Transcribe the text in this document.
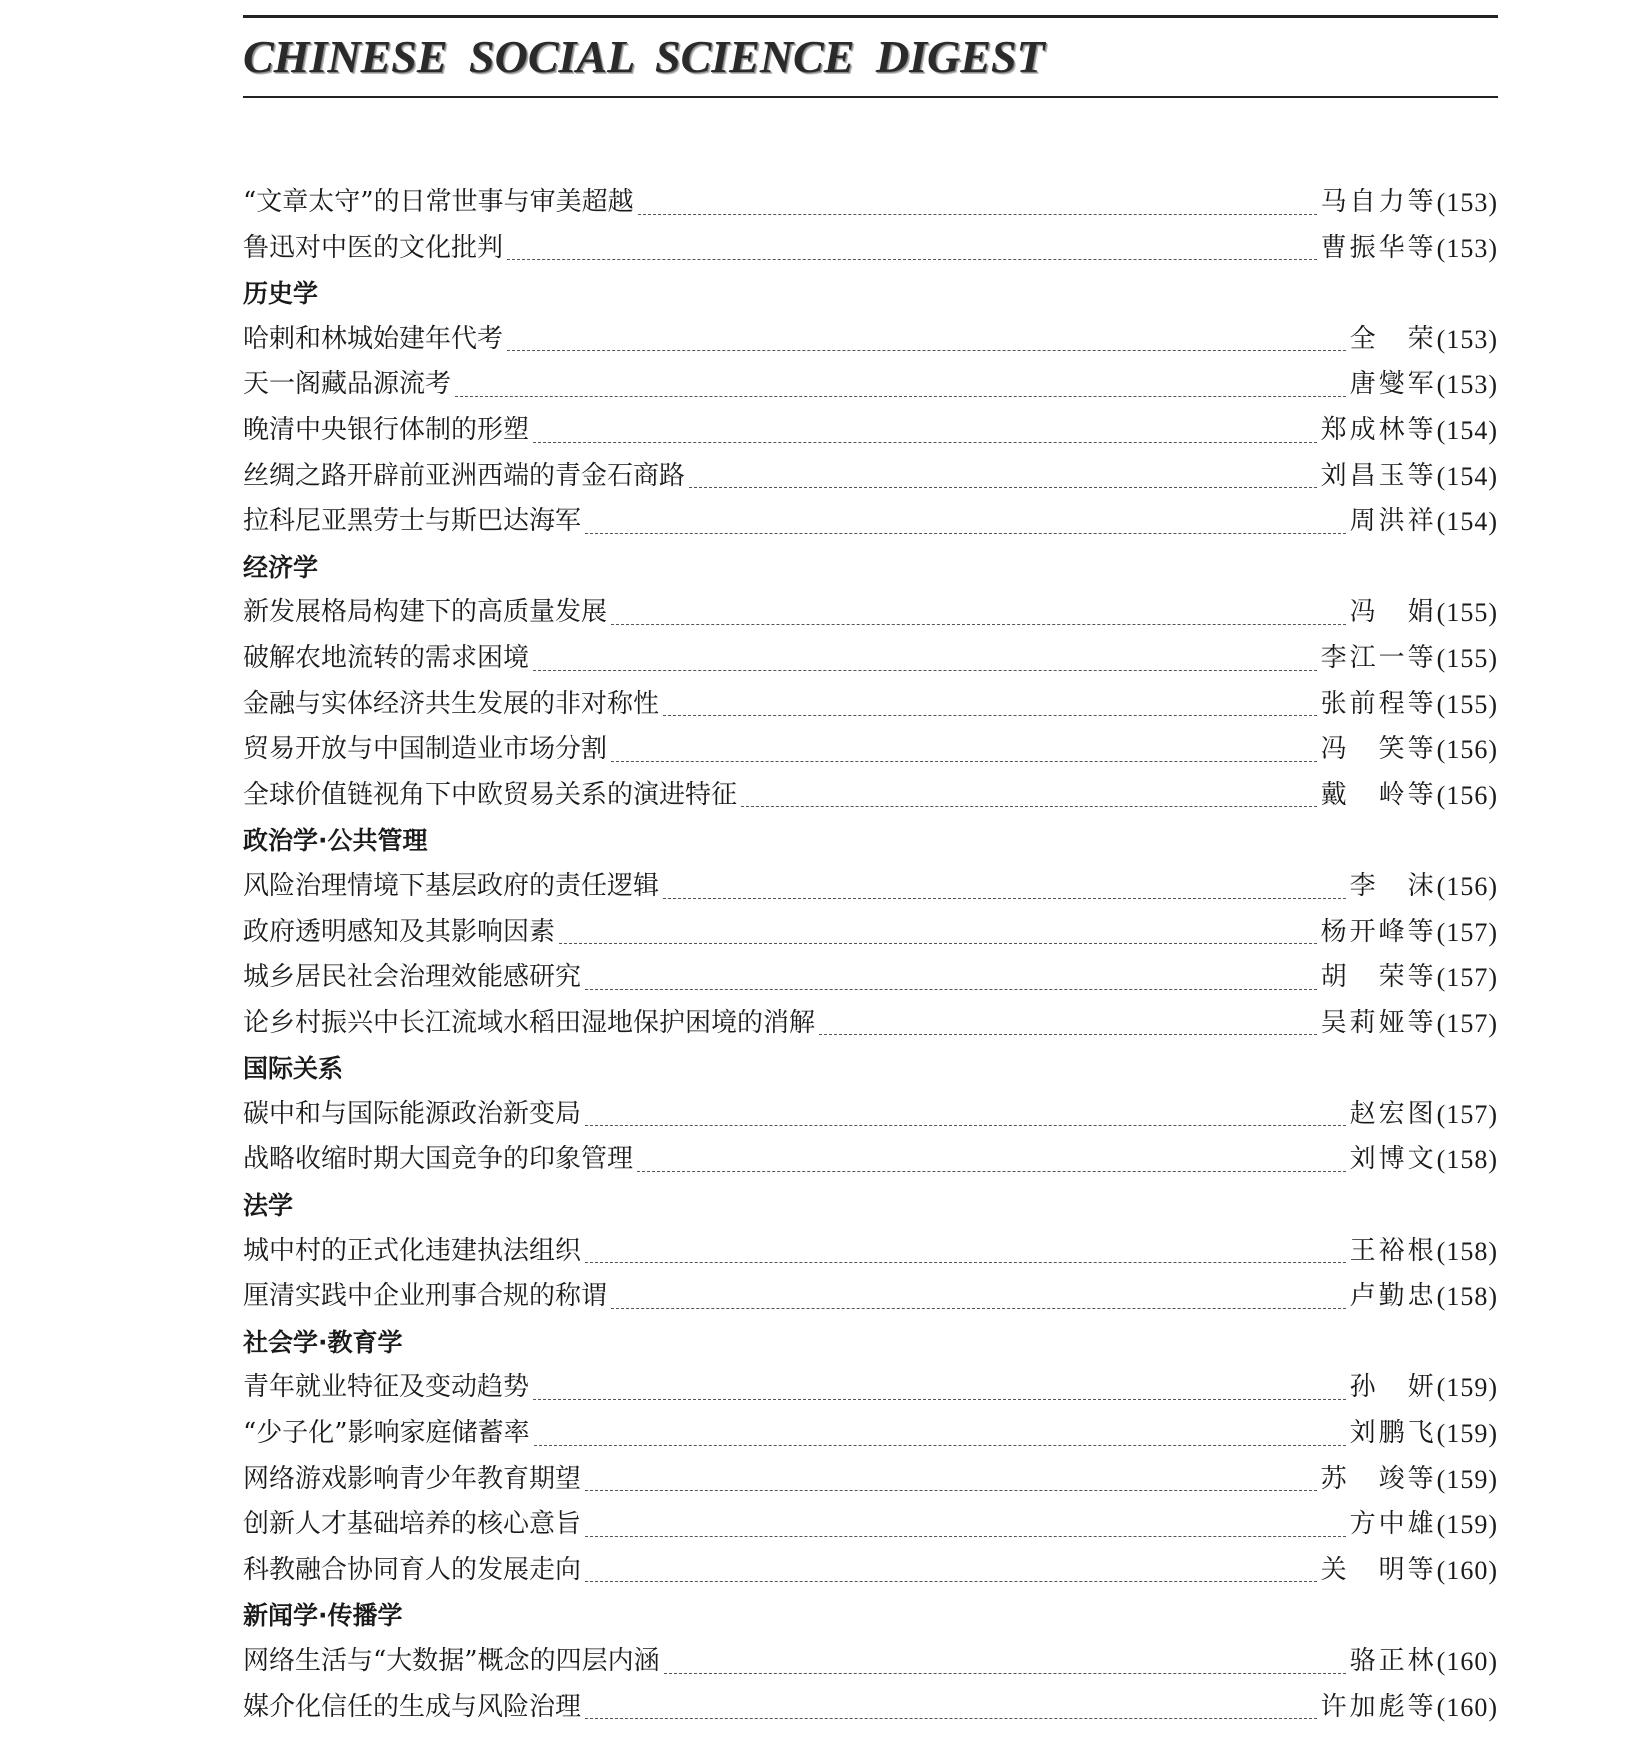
CHINESE SOCIAL SCIENCE DIGEST
“文章太守”的日常世事与审美超越	马自力等 (153)
鲁迅对中医的文化批判	曹振华等 (153)
历史学
哈剌和林城始建年代考	全　荣 (153)
天一阁藏品源流考	唐燮军 (153)
晚清中央银行体制的形塑	郑成林等 (154)
丝绸之路开辟前亚洲西端的青金石商路	刘昌玉等 (154)
拉科尼亚黑劳士与斯巴达海军	周洪祥 (154)
经济学
新发展格局构建下的高质量发展	冯　娟 (155)
破解农地流转的需求困境	李江一等 (155)
金融与实体经济共生发展的非对称性	张前程等 (155)
贸易开放与中国制造业市场分割	冯　笑等 (156)
全球价值链视角下中欧贸易关系的演进特征	戴　岭等 (156)
政治学·公共管理
风险治理情境下基层政府的责任逻辑	李　沫 (156)
政府透明感知及其影响因素	杨开峰等 (157)
城乡居民社会治理效能感研究	胡　荣等 (157)
论乡村振兴中长江流域水稻田湿地保护困境的消解	吴莉娅等 (157)
国际关系
碳中和与国际能源政治新变局	赵宏图 (157)
战略收缩时期大国竞争的印象管理	刘博文 (158)
法学
城中村的正式化违建执法组织	王裕根 (158)
厘清实践中企业刑事合规的称谓	卢勤忠 (158)
社会学·教育学
青年就业特征及变动趋势	孙　妍 (159)
“少子化”影响家庭储蓄率	刘鹏飞 (159)
网络游戏影响青少年教育期望	苏　竣等 (159)
创新人才基础培养的核心意旨	方中雄 (159)
科教融合协同育人的发展走向	关　明等 (160)
新闻学·传播学
网络生活与“大数据”概念的四层内涵	骆正林 (160)
媒介化信任的生成与风险治理	许加彪等 (160)
